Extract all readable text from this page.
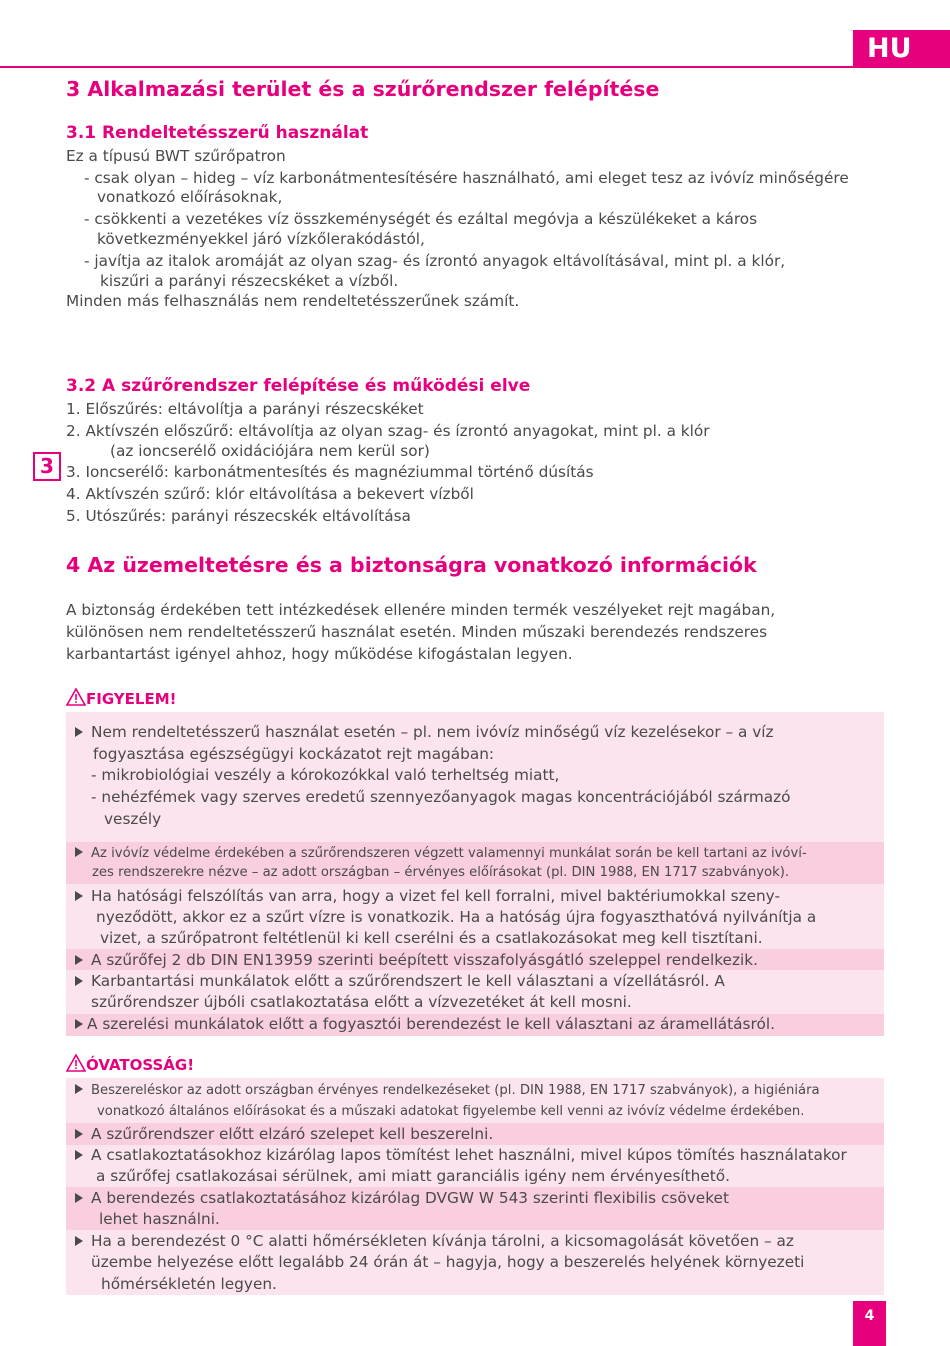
HU
3 Alkalmazási terület és a szűrőrendszer felépítése
3.1 Rendeltetésszerű használat
Ez a típusú BWT szűrőpatron
- csak olyan – hideg – víz karbonátmentesítésére használható, ami eleget tesz az ivóvíz minőségére
vonatkozó előírásoknak,
- csökkenti a vezetékes víz összkeménységét és ezáltal megóvja a készülékeket a káros
következményekkel járó vízkőlerakódástól,
- javítja az italok aromáját az olyan szag- és ízrontó anyagok eltávolításával, mint pl. a klór,
kiszűri a parányi részecskéket a vízből.
Minden más felhasználás nem rendeltetésszerűnek számít.
3.2 A szűrőrendszer felépítése és működési elve
1. Előszűrés: eltávolítja a parányi részecskéket
2. Aktívszén előszűrő: eltávolítja az olyan szag- és ízrontó anyagokat, mint pl. a klór
(az ioncserélő oxidációjára nem kerül sor)
3. Ioncserélő: karbonátmentesítés és magnéziummal történő dúsítás
4. Aktívszén szűrő: klór eltávolítása a bekevert vízből
5. Utószűrés: parányi részecskék eltávolítása
3
4 Az üzemeltetésre és a biztonságra vonatkozó információk
A biztonság érdekében tett intézkedések ellenére minden termék veszélyeket rejt magában,
különösen nem rendeltetésszerű használat esetén. Minden műszaki berendezés rendszeres
karbantartást igényel ahhoz, hogy működése kifogástalan legyen.
FIGYELEM!
Nem rendeltetésszerű használat esetén – pl. nem ivóvíz minőségű víz kezelésekor – a víz
fogyasztása egészségügyi kockázatot rejt magában:
- mikrobiológiai veszély a kórokozókkal való terheltség miatt,
- nehézfémek vagy szerves eredetű szennyezőanyagok magas koncentrációjából származó
veszély
Az ivóvíz védelme érdekében a szűrőrendszeren végzett valamennyi munkálat során be kell tartani az ivóví-
zes rendszerekre nézve – az adott országban – érvényes előírásokat (pl. DIN 1988, EN 1717 szabványok).
Ha hatósági felszólítás van arra, hogy a vizet fel kell forralni, mivel baktériumokkal szeny-
nyeződött, akkor ez a szűrt vízre is vonatkozik. Ha a hatóság újra fogyaszthatóvá nyilvánítja a
vizet, a szűrőpatront feltétlenül ki kell cserélni és a csatlakozásokat meg kell tisztítani.
A szűrőfej 2 db DIN EN13959 szerinti beépített visszafolyásgátló szeleppel rendelkezik.
Karbantartási munkálatok előtt a szűrőrendszert le kell választani a vízellátásról. A
szűrőrendszer újbóli csatlakoztatása előtt a vízvezetéket át kell mosni.
A szerelési munkálatok előtt a fogyasztói berendezést le kell választani az áramellátásról.
ÓVATOSSÁG!
Beszereléskor az adott országban érvényes rendelkezéseket (pl. DIN 1988, EN 1717 szabványok), a higiéniára
vonatkozó általános előírásokat és a műszaki adatokat figyelembe kell venni az ivóvíz védelme érdekében.
A szűrőrendszer előtt elzáró szelepet kell beszerelni.
A csatlakoztatásokhoz kizárólag lapos tömítést lehet használni, mivel kúpos tömítés használatakor
a szűrőfej csatlakozásai sérülnek, ami miatt garanciális igény nem érvényesíthető.
A berendezés csatlakoztatásához kizárólag DVGW W 543 szerinti flexibilis csöveket
lehet használni.
Ha a berendezést 0 °C alatti hőmérsékleten kívánja tárolni, a kicsomagolását követően – az
üzembe helyezése előtt legalább 24 órán át – hagyja, hogy a beszerelés helyének környezeti
hőmérsékletén legyen.
4
